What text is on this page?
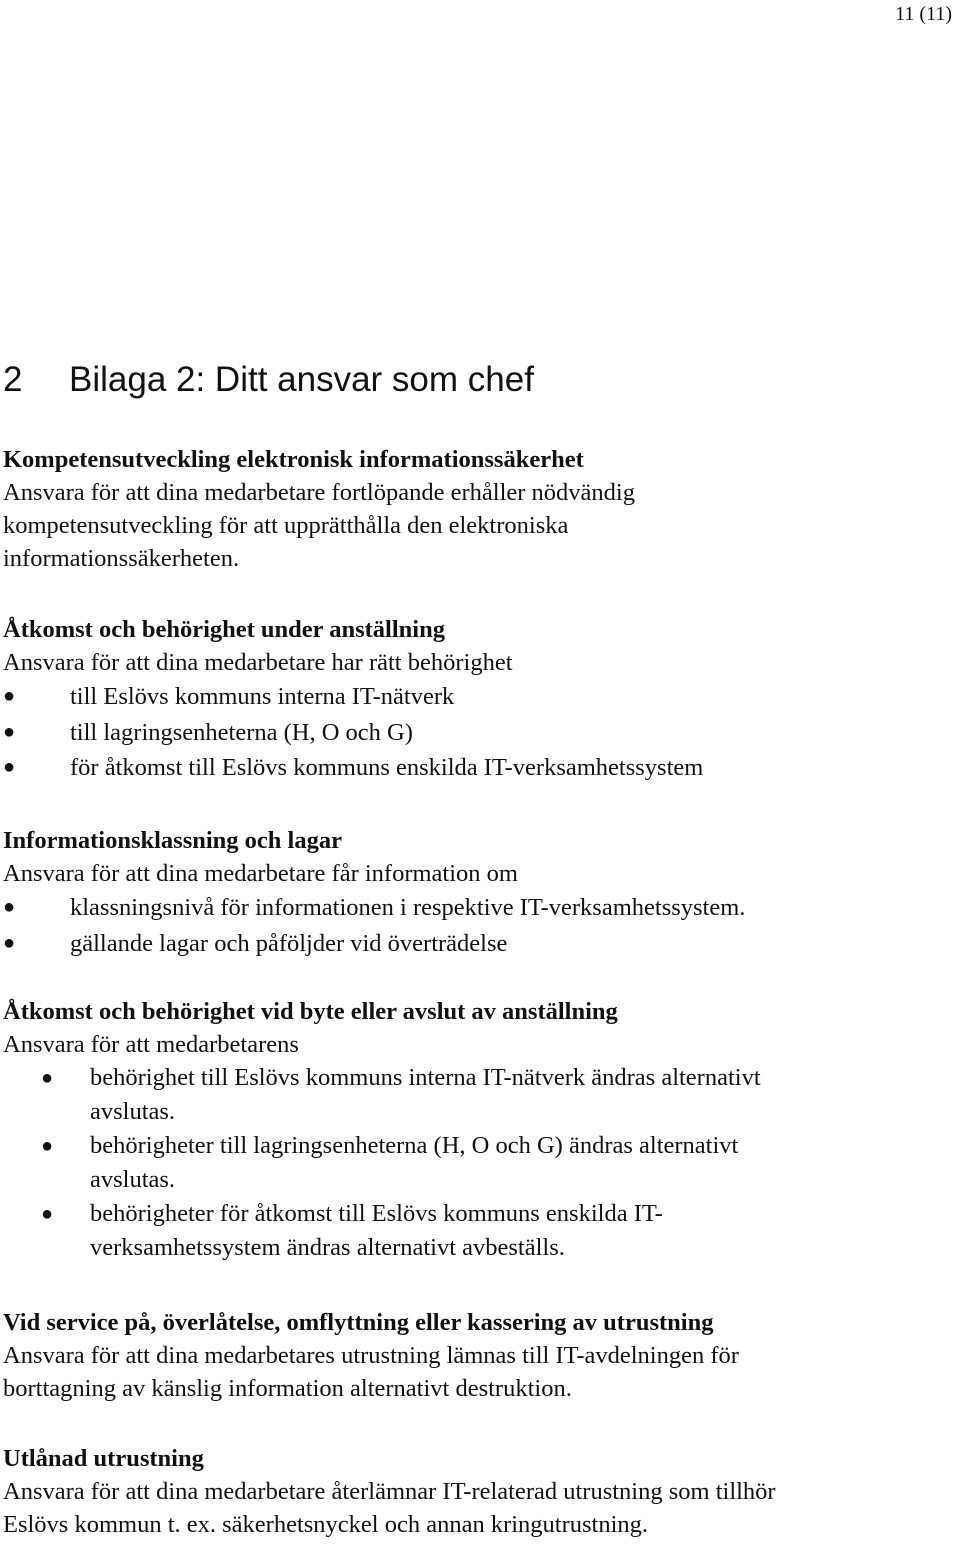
11 (11)
2 Bilaga 2: Ditt ansvar som chef
Kompetensutveckling elektronisk informationssäkerhet

Ansvara för att dina medarbetare fortlöpande erhåller nödvändig

kompetensutveckling för att upprätthålla den elektroniska

informationssäkerheten.

Åtkomst och behörighet under anställning

Ansvara för att dina medarbetare har rätt behörighet

● till Eslövs kommuns interna IT-nätverk
● till lagringsenheterna (H, O och G)
● för åtkomst till Eslövs kommuns enskilda IT-verksamhetssystem
Informationsklassning och lagar

Ansvara för att dina medarbetare får information om

● klassningsnivå för informationen i respektive IT-verksamhetssystem.
● gällande lagar och påföljder vid överträdelse
Åtkomst och behörighet vid byte eller avslut av anställning

Ansvara för att medarbetarens

● behörighet till Eslövs kommuns interna IT-nätverk ändras alternativt
avslutas.
● behörigheter till lagringsenheterna (H, O och G) ändras alternativt
avslutas.
● behörigheter för åtkomst till Eslövs kommuns enskilda IT-
verksamhetssystem ändras alternativt avbeställs.
Vid service på, överlåtelse, omflyttning eller kassering av utrustning

Ansvara för att dina medarbetares utrustning lämnas till IT-avdelningen för

borttagning av känslig information alternativt destruktion.

Utlånad utrustning

Ansvara för att dina medarbetare återlämnar IT-relaterad utrustning som tillhör

Eslövs kommun t. ex. säkerhetsnyckel och annan kringutrustning.
